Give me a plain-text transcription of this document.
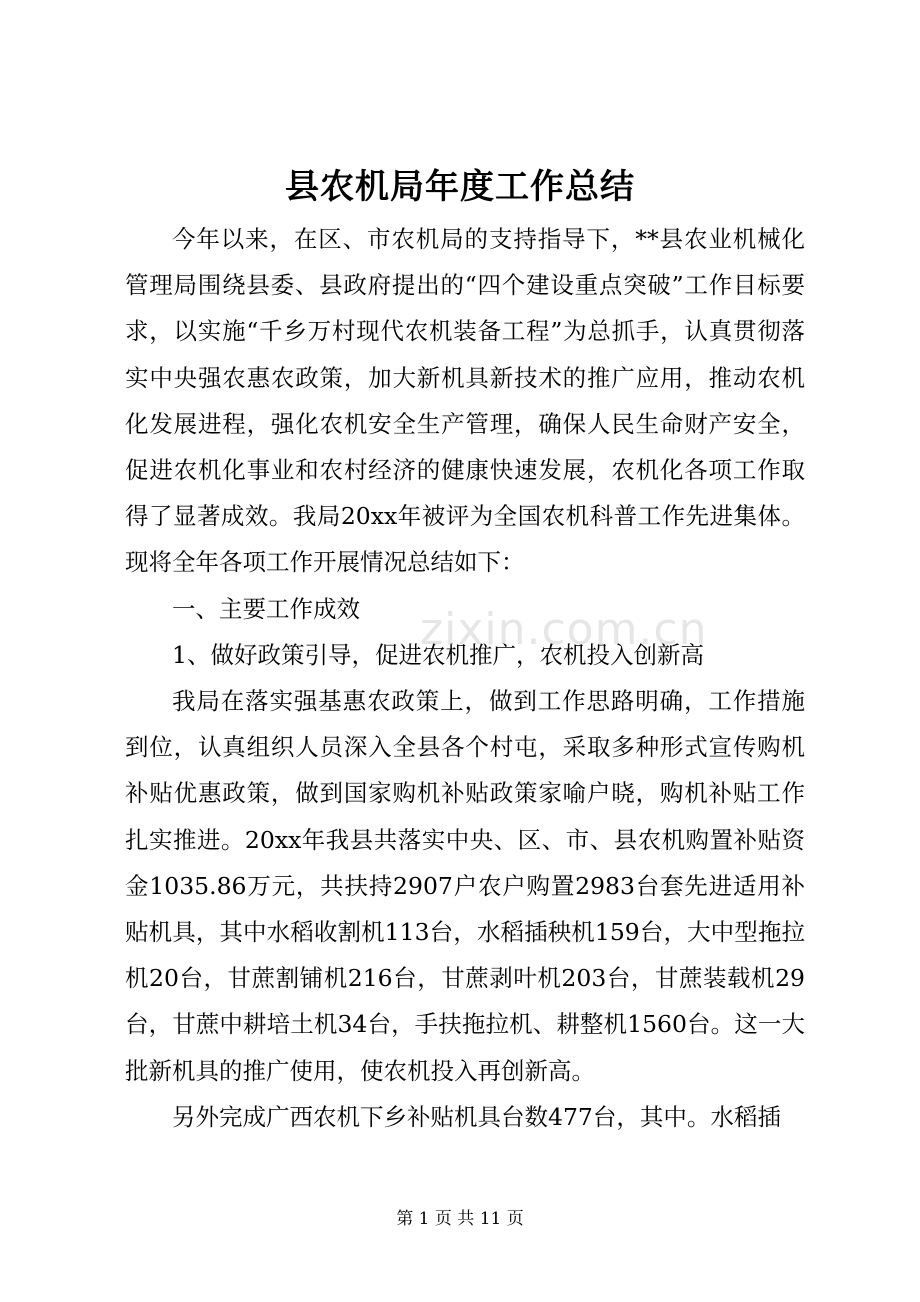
县农机局年度工作总结

今年以来，在区、市农机局的支持指导下，**县农业机械化管理局围绕县委、县政府提出的“四个建设重点突破”工作目标要求，以实施“千乡万村现代农机装备工程”为总抓手，认真贯彻落实中央强农惠农政策，加大新机具新技术的推广应用，推动农机化发展进程，强化农机安全生产管理，确保人民生命财产安全，促进农机化事业和农村经济的健康快速发展，农机化各项工作取得了显著成效。我局20xx年被评为全国农机科普工作先进集体。现将全年各项工作开展情况总结如下：

一、主要工作成效

1、做好政策引导，促进农机推广，农机投入创新高

我局在落实强基惠农政策上，做到工作思路明确，工作措施到位，认真组织人员深入全县各个村屯，采取多种形式宣传购机补贴优惠政策，做到国家购机补贴政策家喻户晓，购机补贴工作扎实推进。20xx年我县共落实中央、区、市、县农机购置补贴资金1035.86万元，共扶持2907户农户购置2983台套先进适用补贴机具，其中水稻收割机113台，水稻插秧机159台，大中型拖拉机20台，甘蔗割铺机216台，甘蔗剥叶机203台，甘蔗装载机29台，甘蔗中耕培土机34台，手扶拖拉机、耕整机1560台。这一大批新机具的推广使用，使农机投入再创新高。

另外完成广西农机下乡补贴机具台数477台，其中。水稻插

zixin.com.cn
第 1 页 共 11 页
